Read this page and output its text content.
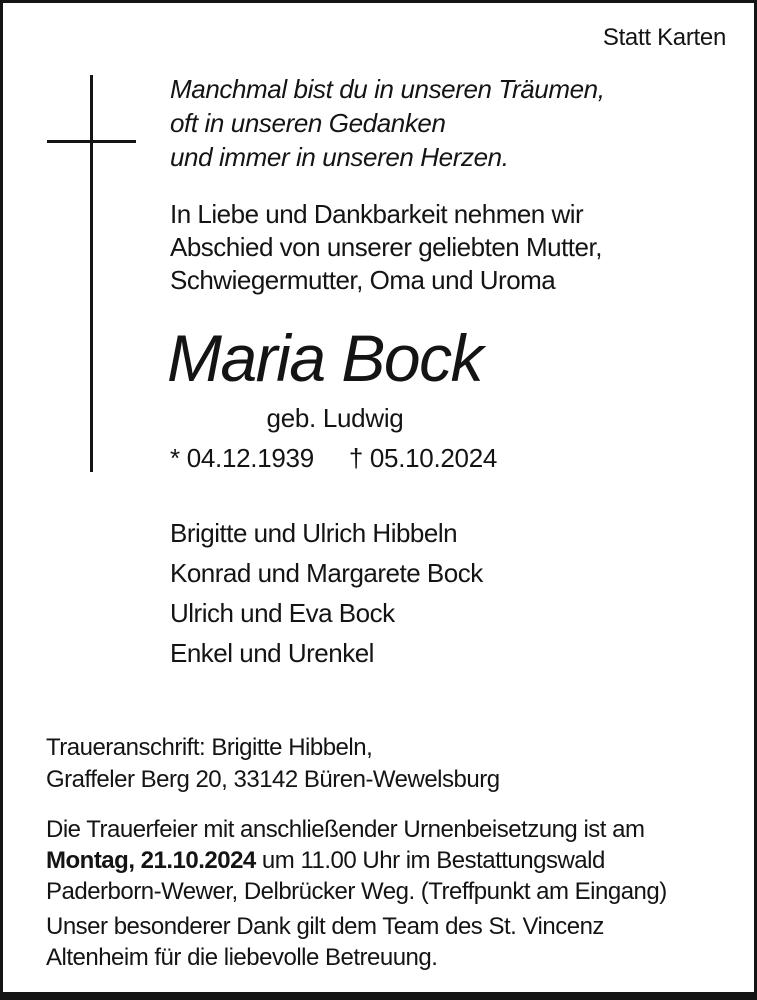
Statt Karten
Manchmal bist du in unseren Träumen,
oft in unseren Gedanken
und immer in unseren Herzen.
In Liebe und Dankbarkeit nehmen wir
Abschied von unserer geliebten Mutter,
Schwiegermutter, Oma und Uroma
Maria Bock
geb. Ludwig
* 04.12.1939 † 05.10.2024
Brigitte und Ulrich Hibbeln
Konrad und Margarete Bock
Ulrich und Eva Bock
Enkel und Urenkel
Traueranschrift: Brigitte Hibbeln,
Graffeler Berg 20, 33142 Büren-Wewelsburg
Die Trauerfeier mit anschließender Urnenbeisetzung ist am
Montag, 21.10.2024 um 11.00 Uhr im Bestattungswald
Paderborn-Wewer, Delbrücker Weg. (Treffpunkt am Eingang)
Unser besonderer Dank gilt dem Team des St. Vincenz
Altenheim für die liebevolle Betreuung.
